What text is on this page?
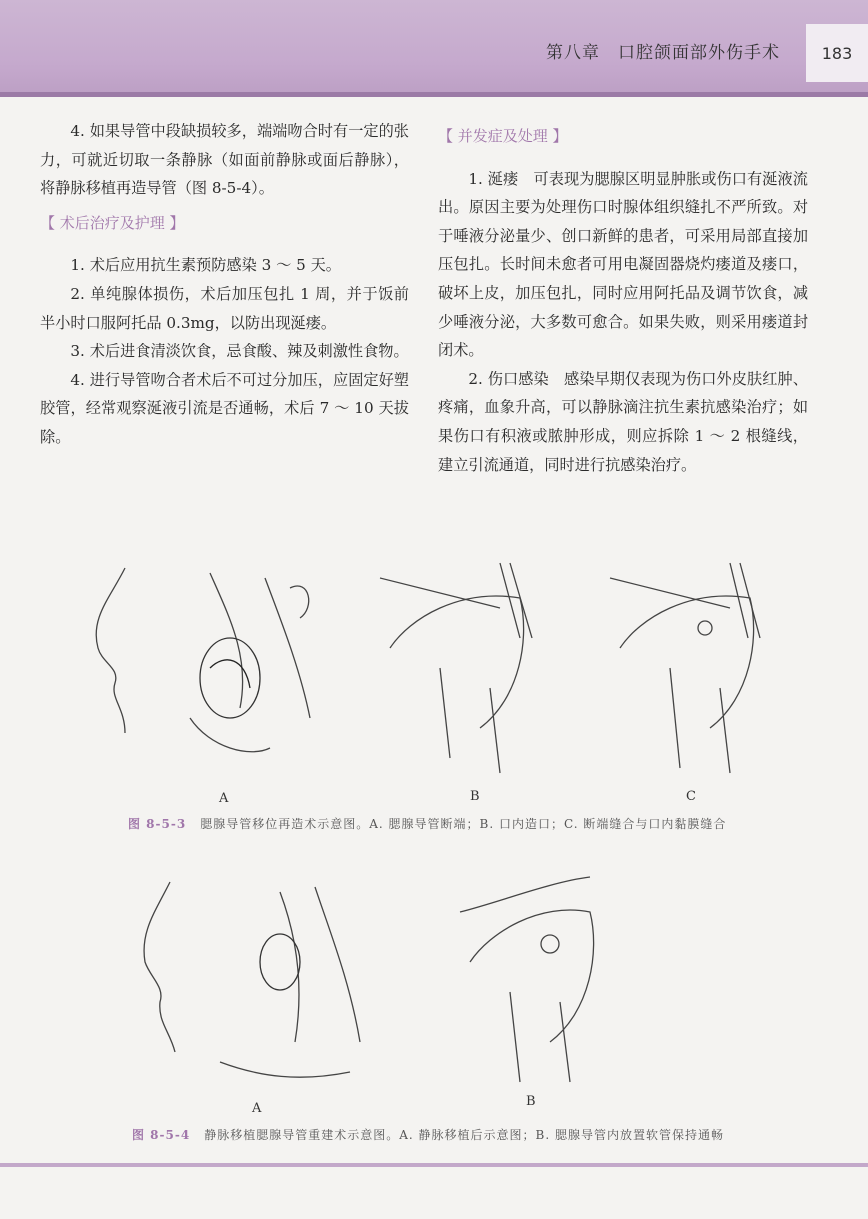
第八章　口腔颌面部外伤手术	183

4. 如果导管中段缺损较多，端端吻合时有一定的张力，可就近切取一条静脉（如面前静脉或面后静脉），将静脉移植再造导管（图 8-5-4）。

【 术后治疗及护理 】

1. 术后应用抗生素预防感染 3 ～ 5 天。

2. 单纯腺体损伤，术后加压包扎 1 周，并于饭前半小时口服阿托品 0.3mg，以防出现涎瘘。

3. 术后进食清淡饮食，忌食酸、辣及刺激性食物。

4. 进行导管吻合者术后不可过分加压，应固定好塑胶管，经常观察涎液引流是否通畅，术后 7 ～ 10 天拔除。

【 并发症及处理 】

1. 涎瘘　可表现为腮腺区明显肿胀或伤口有涎液流出。原因主要为处理伤口时腺体组织缝扎不严所致。对于唾液分泌量少、创口新鲜的患者，可采用局部直接加压包扎。长时间未愈者可用电凝固器烧灼瘘道及瘘口，破坏上皮，加压包扎，同时应用阿托品及调节饮食，减少唾液分泌，大多数可愈合。如果失败，则采用瘘道封闭术。

2. 伤口感染　感染早期仅表现为伤口外皮肤红肿、疼痛，血象升高，可以静脉滴注抗生素抗感染治疗；如果伤口有积液或脓肿形成，则应拆除 1 ～ 2 根缝线，建立引流通道，同时进行抗感染治疗。

A	B	C
图 8-5-3 腮腺导管移位再造术示意图。A. 腮腺导管断端；B. 口内造口；C. 断端缝合与口内黏膜缝合
A	B
图 8-5-4 静脉移植腮腺导管重建术示意图。A. 静脉移植后示意图；B. 腮腺导管内放置软管保持通畅
